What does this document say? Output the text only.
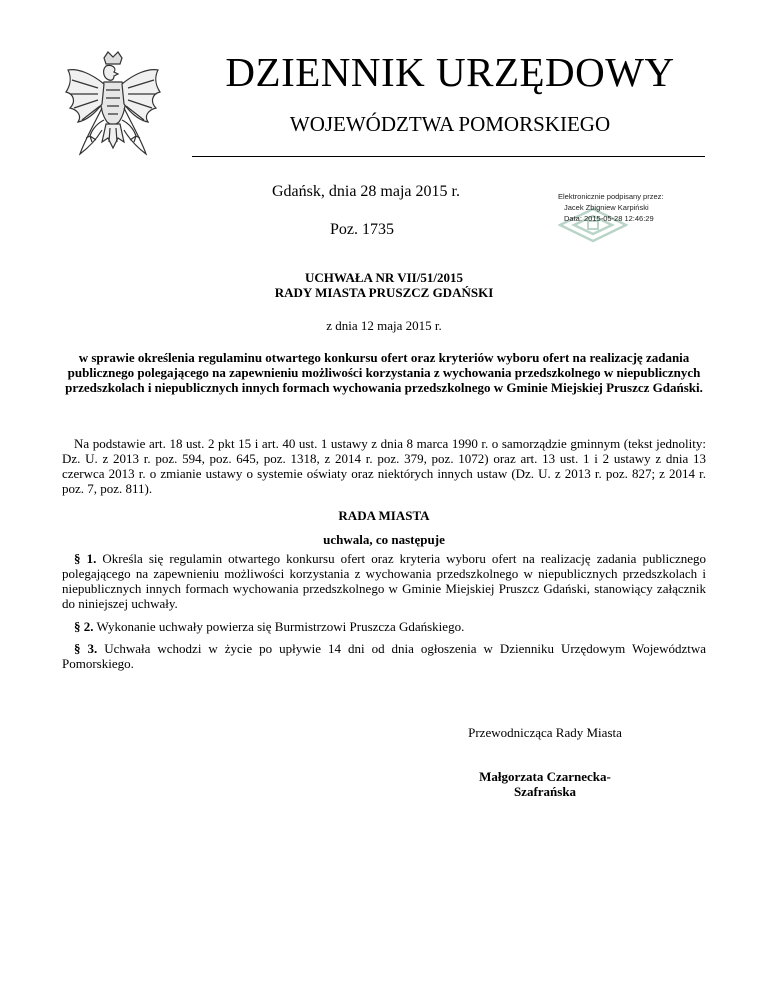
DZIENNIK URZĘDOWY
WOJEWÓDZTWA POMORSKIEGO
Gdańsk, dnia 28 maja 2015 r.
Poz. 1735
Elektronicznie podpisany przez:
Jacek Zbigniew Karpiński
Data: 2015-05-28 12:46:29
UCHWAŁA NR VII/51/2015
RADY MIASTA PRUSZCZ GDAŃSKI
z dnia 12 maja 2015 r.
w sprawie określenia regulaminu otwartego konkursu ofert oraz kryteriów wyboru ofert na realizację zadania publicznego polegającego na zapewnieniu możliwości korzystania z wychowania przedszkolnego w niepublicznych przedszkolach i niepublicznych innych formach wychowania przedszkolnego w Gminie Miejskiej Pruszcz Gdański.
Na podstawie art. 18 ust. 2 pkt 15 i art. 40 ust. 1 ustawy z dnia 8 marca 1990 r. o samorządzie gminnym (tekst jednolity: Dz. U. z 2013 r. poz. 594, poz. 645, poz. 1318, z 2014 r. poz. 379, poz. 1072) oraz art. 13 ust. 1 i 2 ustawy z dnia 13 czerwca 2013 r. o zmianie ustawy o systemie oświaty oraz niektórych innych ustaw (Dz. U. z 2013 r. poz. 827; z 2014 r. poz. 7, poz. 811).
RADA MIASTA
uchwala, co następuje
§ 1. Określa się regulamin otwartego konkursu ofert oraz kryteria wyboru ofert na realizację zadania publicznego polegającego na zapewnieniu możliwości korzystania z wychowania przedszkolnego w niepublicznych przedszkolach i niepublicznych innych formach wychowania przedszkolnego w Gminie Miejskiej Pruszcz Gdański, stanowiący załącznik do niniejszej uchwały.
§ 2. Wykonanie uchwały powierza się Burmistrzowi Pruszcza Gdańskiego.
§ 3. Uchwała wchodzi w życie po upływie 14 dni od dnia ogłoszenia w Dzienniku Urzędowym Województwa Pomorskiego.
Przewodnicząca Rady Miasta
Małgorzata Czarnecka-Szafrańska
